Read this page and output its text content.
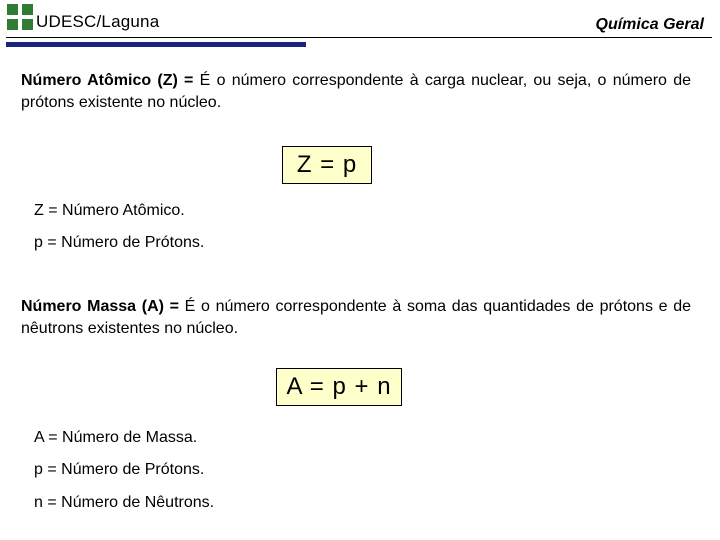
UDESC/Laguna	Química Geral
Número Atômico (Z) = É o número correspondente à carga nuclear, ou seja, o número de prótons existente no núcleo.
Z = p
Z = Número Atômico.
p = Número de Prótons.
Número Massa (A) = É o número correspondente à soma das quantidades de prótons e de nêutrons existentes no núcleo.
A = p + n
A = Número de Massa.
p = Número de Prótons.
n = Número de Nêutrons.
